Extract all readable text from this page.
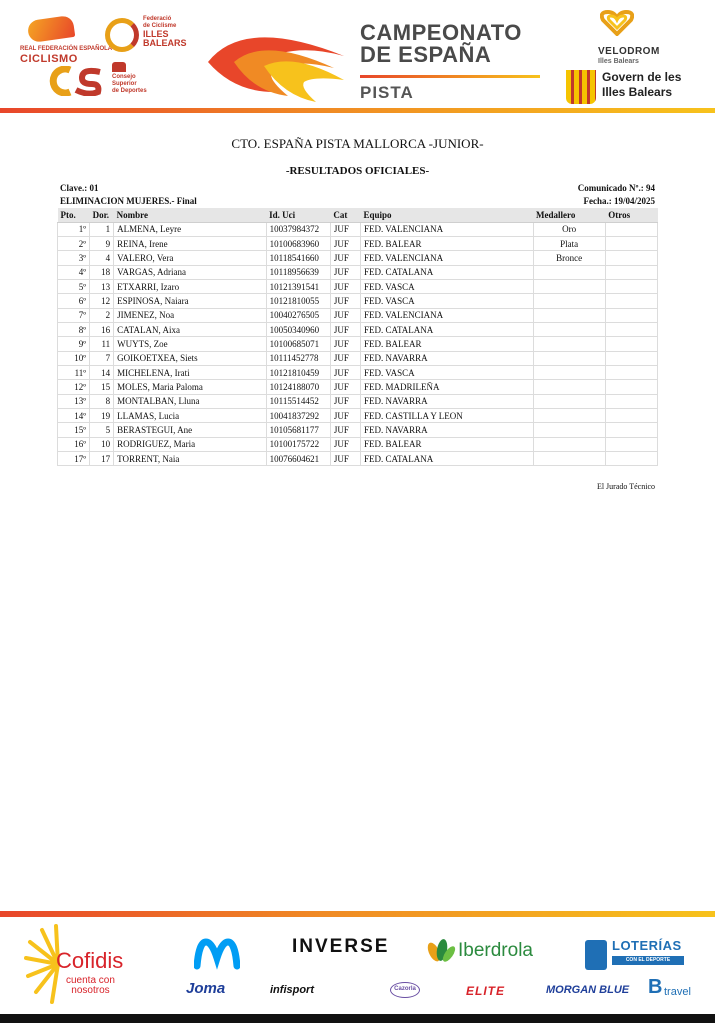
REAL FEDERACIÓN ESPAÑOLA
CICLISMO
Federació
de Ciclisme
ILLES
BALEARS
Consejo
Superior
de Deportes
CAMPEONATO
DE ESPAÑA
PISTA
VELODROM
Illes Balears
Govern de les
Illes Balears
CTO. ESPAÑA PISTA MALLORCA -JUNIOR-
-RESULTADOS OFICIALES-
Clave.: 01
ELIMINACION MUJERES.- Final
Comunicado Nº.: 94
Fecha.: 19/04/2025
Pto.	Dor.	Nombre	Id. Uci	Cat	Equipo	Medallero	Otros
1º	1	ALMENA, Leyre	10037984372	JUF	FED. VALENCIANA	Oro	
2º	9	REINA, Irene	10100683960	JUF	FED. BALEAR	Plata	
3º	4	VALERO, Vera	10118541660	JUF	FED. VALENCIANA	Bronce	
4º	18	VARGAS, Adriana	10118956639	JUF	FED. CATALANA		
5º	13	ETXARRI, Izaro	10121391541	JUF	FED. VASCA		
6º	12	ESPINOSA, Naiara	10121810055	JUF	FED. VASCA		
7º	2	JIMENEZ, Noa	10040276505	JUF	FED. VALENCIANA		
8º	16	CATALAN, Aixa	10050340960	JUF	FED. CATALANA		
9º	11	WUYTS, Zoe	10100685071	JUF	FED. BALEAR		
10º	7	GOIKOETXEA, Siets	10111452778	JUF	FED. NAVARRA		
11º	14	MICHELENA, Irati	10121810459	JUF	FED. VASCA		
12º	15	MOLES, Maria Paloma	10124188070	JUF	FED. MADRILEÑA		
13º	8	MONTALBAN, Lluna	10115514452	JUF	FED. NAVARRA		
14º	19	LLAMAS, Lucia	10041837292	JUF	FED. CASTILLA Y LEON		
15º	5	BERASTEGUI, Ane	10105681177	JUF	FED. NAVARRA		
16º	10	RODRIGUEZ, Maria	10100175722	JUF	FED. BALEAR		
17º	17	TORRENT, Naia	10076604621	JUF	FED. CATALANA		
El Jurado Técnico
Cofidis
cuenta con
nosotros	Joma
INVERSE
infisport
Iberdrola
Cazorla	ELITE	MORGAN BLUE
LOTERÍAS
CON EL DEPORTE
B travel
